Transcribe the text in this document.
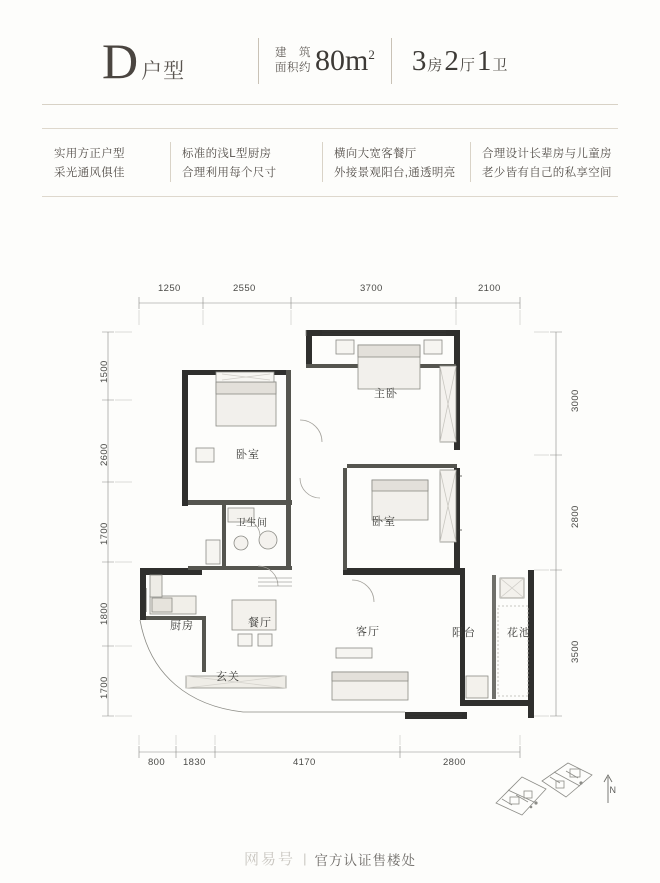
D 户型
建　筑
面积约 $80m^2$ 3 房 2 厅 1 卫
实用方正户型
采光通风俱佳
标准的浅L型厨房
合理利用每个尺寸
横向大宽客餐厅
外接景观阳台,通透明亮
合理设计长辈房与儿童房
老少皆有自己的私享空间
1250	2550	3700	2100
800 1830	4170	2800
1500
2600
1700
1800
1700
3000
2800
3500
主卧
卧室
卧室
卫生间
厨房	餐厅
客厅
玄关
阳台	花池
N
网易号 | 官方认证售楼处
